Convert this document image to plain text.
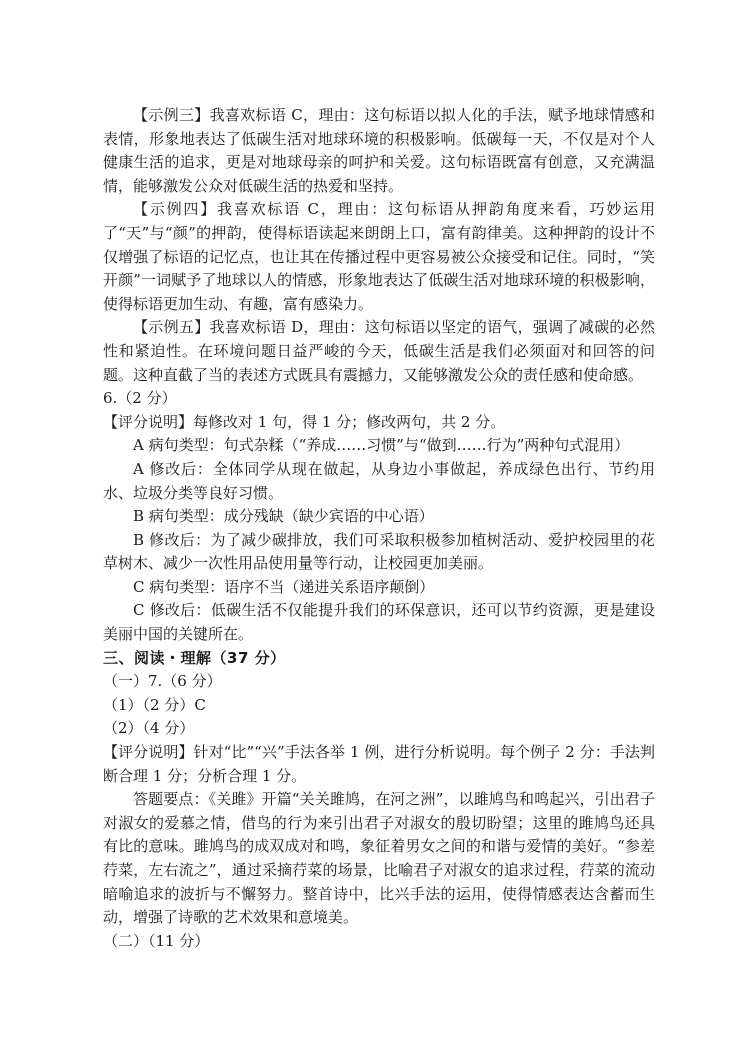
【示例三】我喜欢标语 C，理由：这句标语以拟人化的手法，赋予地球情感和表情，形象地表达了低碳生活对地球环境的积极影响。低碳每一天，不仅是对个人健康生活的追求，更是对地球母亲的呵护和关爱。这句标语既富有创意，又充满温情，能够激发公众对低碳生活的热爱和坚持。

【示例四】我喜欢标语 C，理由：这句标语从押韵角度来看，巧妙运用了“天”与“颜”的押韵，使得标语读起来朗朗上口，富有韵律美。这种押韵的设计不仅增强了标语的记忆点，也让其在传播过程中更容易被公众接受和记住。同时，“笑开颜”一词赋予了地球以人的情感，形象地表达了低碳生活对地球环境的积极影响，使得标语更加生动、有趣，富有感染力。

【示例五】我喜欢标语 D，理由：这句标语以坚定的语气，强调了减碳的必然性和紧迫性。在环境问题日益严峻的今天，低碳生活是我们必须面对和回答的问题。这种直截了当的表述方式既具有震撼力，又能够激发公众的责任感和使命感。

6.（2 分）

【评分说明】每修改对 1 句，得 1 分；修改两句，共 2 分。

A 病句类型：句式杂糅（“养成……习惯”与“做到……行为”两种句式混用）

A 修改后：全体同学从现在做起，从身边小事做起，养成绿色出行、节约用水、垃圾分类等良好习惯。

B 病句类型：成分残缺（缺少宾语的中心语）

B 修改后：为了减少碳排放，我们可采取积极参加植树活动、爱护校园里的花草树木、减少一次性用品使用量等行动，让校园更加美丽。

C 病句类型：语序不当（递进关系语序颠倒）

C 修改后：低碳生活不仅能提升我们的环保意识，还可以节约资源，更是建设美丽中国的关键所在。

三、阅读・理解（37 分）

（一）7.（6 分）

（1）（2 分）C

（2）（4 分）

【评分说明】针对“比”“兴”手法各举 1 例，进行分析说明。每个例子 2 分：手法判断合理 1 分；分析合理 1 分。

答题要点：《关雎》开篇“关关雎鸠，在河之洲”，以雎鸠鸟和鸣起兴，引出君子对淑女的爱慕之情，借鸟的行为来引出君子对淑女的殷切盼望；这里的雎鸠鸟还具有比的意味。雎鸠鸟的成双成对和鸣，象征着男女之间的和谐与爱情的美好。“参差荇菜，左右流之”，通过采摘荇菜的场景，比喻君子对淑女的追求过程，荇菜的流动暗喻追求的波折与不懈努力。整首诗中，比兴手法的运用，使得情感表达含蓄而生动，增强了诗歌的艺术效果和意境美。

（二）（11 分）
